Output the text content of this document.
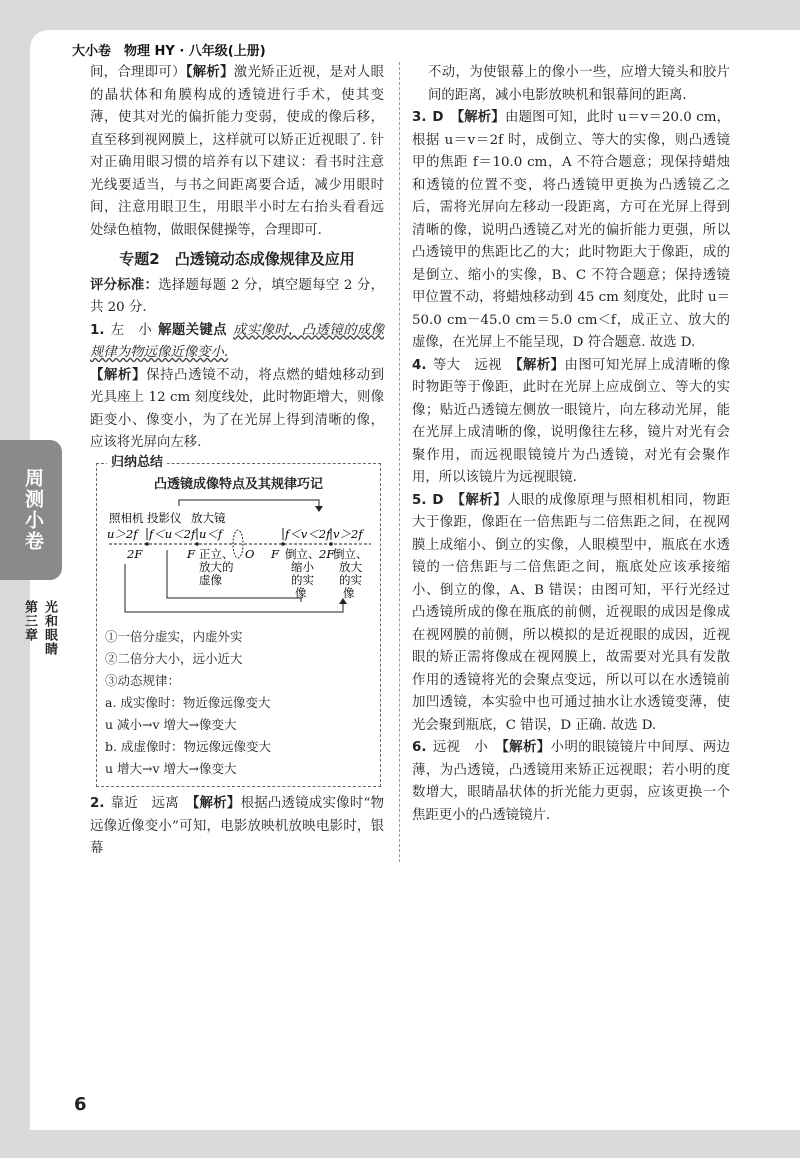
大小卷　物理 HY · 八年级(上册)
周测小卷
第三章 光和眼睛

间，合理即可）【解析】激光矫正近视，是对人眼的晶状体和角膜构成的透镜进行手术，使其变薄，使其对光的偏折能力变弱，使成的像后移，直至移到视网膜上，这样就可以矫正近视眼了. 针对正确用眼习惯的培养有以下建议：看书时注意光线要适当，与书之间距离要合适，减少用眼时间，注意用眼卫生，用眼半小时左右抬头看看远处绿色植物，做眼保健操等，合理即可.

专题2　凸透镜动态成像规律及应用

评分标准：选择题每题 2 分，填空题每空 2 分，共 20 分.

1. 左　小 解题关键点 成实像时，凸透镜的成像规律为物远像近像变小.

【解析】保持凸透镜不动，将点燃的蜡烛移动到光具座上 12 cm 刻度线处，此时物距增大，则像距变小、像变小，为了在光屏上得到清晰的像，应该将光屏向左移.

归纳总结
凸透镜成像特点及其规律巧记
照相机 投影仪 放大镜
u＞2f f＜u＜2f u＜f	f＜v＜2f v＞2f
2F	F	O F	2F
正立、
放大的
虚像
倒立、
缩小
的实
像
倒立、
放大
的实
像

①一倍分虚实，内虚外实

②二倍分大小，远小近大

③动态规律：

a. 成实像时：物近像远像变大

u 减小→v 增大→像变大

b. 成虚像时：物远像远像变大

u 增大→v 增大→像变大

2. 靠近　远离　 【解析】根据凸透镜成实像时“物远像近像变小”可知，电影放映机放映电影时，银幕

不动，为使银幕上的像小一些，应增大镜头和胶片间的距离，减小电影放映机和银幕间的距离.

3. D　 【解析】由题图可知，此时 u＝v＝20.0 cm，根据 u＝v＝2f 时，成倒立、等大的实像，则凸透镜甲的焦距 f＝10.0 cm，A 不符合题意；现保持蜡烛和透镜的位置不变，将凸透镜甲更换为凸透镜乙之后，需将光屏向左移动一段距离，方可在光屏上得到清晰的像，说明凸透镜乙对光的偏折能力更强，所以凸透镜甲的焦距比乙的大；此时物距大于像距，成的是倒立、缩小的实像，B、C 不符合题意；保持透镜甲位置不动，将蜡烛移动到 45 cm 刻度处，此时 u＝50.0 cm－45.0 cm＝5.0 cm＜f，成正立、放大的虚像，在光屏上不能呈现，D 符合题意. 故选 D.

4. 等大　远视　 【解析】由图可知光屏上成清晰的像时物距等于像距，此时在光屏上应成倒立、等大的实像；贴近凸透镜左侧放一眼镜片，向左移动光屏，能在光屏上成清晰的像，说明像往左移，镜片对光有会聚作用，而远视眼镜镜片为凸透镜，对光有会聚作用，所以该镜片为远视眼镜.

5. D　 【解析】人眼的成像原理与照相机相同，物距大于像距，像距在一倍焦距与二倍焦距之间，在视网膜上成缩小、倒立的实像，人眼模型中，瓶底在水透镜的一倍焦距与二倍焦距之间，瓶底处应该承接缩小、倒立的像，A、B 错误；由图可知，平行光经过凸透镜所成的像在瓶底的前侧，近视眼的成因是像成在视网膜的前侧，所以模拟的是近视眼的成因，近视眼的矫正需将像成在视网膜上，故需要对光具有发散作用的透镜将光的会聚点变远，所以可以在水透镜前加凹透镜，本实验中也可通过抽水让水透镜变薄，使光会聚到瓶底，C 错误，D 正确. 故选 D.

6. 远视　小　 【解析】小明的眼镜镜片中间厚、两边薄，为凸透镜，凸透镜用来矫正远视眼；若小明的度数增大，眼睛晶状体的折光能力更弱，应该更换一个焦距更小的凸透镜镜片.

6
